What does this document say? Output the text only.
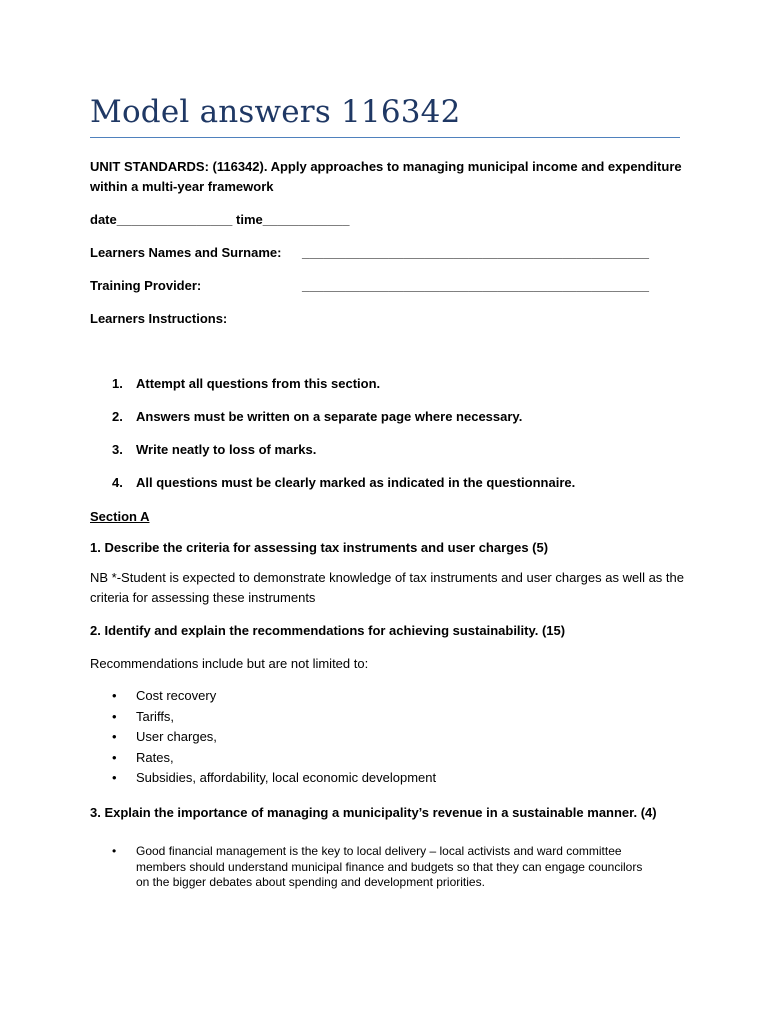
Model answers 116342
UNIT STANDARDS: (116342). Apply approaches to managing municipal income and expenditure within a multi-year framework
date________________ time____________
Learners Names and Surname: ________________________________________________
Training Provider:	________________________________________________
Learners Instructions:
1. Attempt all questions from this section.
2. Answers must be written on a separate page where necessary.
3. Write neatly to loss of marks.
4. All questions must be clearly marked as indicated in the questionnaire.
Section A
1. Describe the criteria for assessing tax instruments and user charges (5)
NB *-Student is expected to demonstrate knowledge of tax instruments and user charges as well as the criteria for assessing these instruments
2. Identify and explain the recommendations for achieving sustainability. (15)
Recommendations include but are not limited to:
• Cost recovery
• Tariffs,
• User charges,
• Rates,
• Subsidies, affordability, local economic development
3. Explain the importance of managing a municipality’s revenue in a sustainable manner. (4)
• Good financial management is the key to local delivery – local activists and ward committee members should understand municipal finance and budgets so that they can engage councilors on the bigger debates about spending and development priorities.
